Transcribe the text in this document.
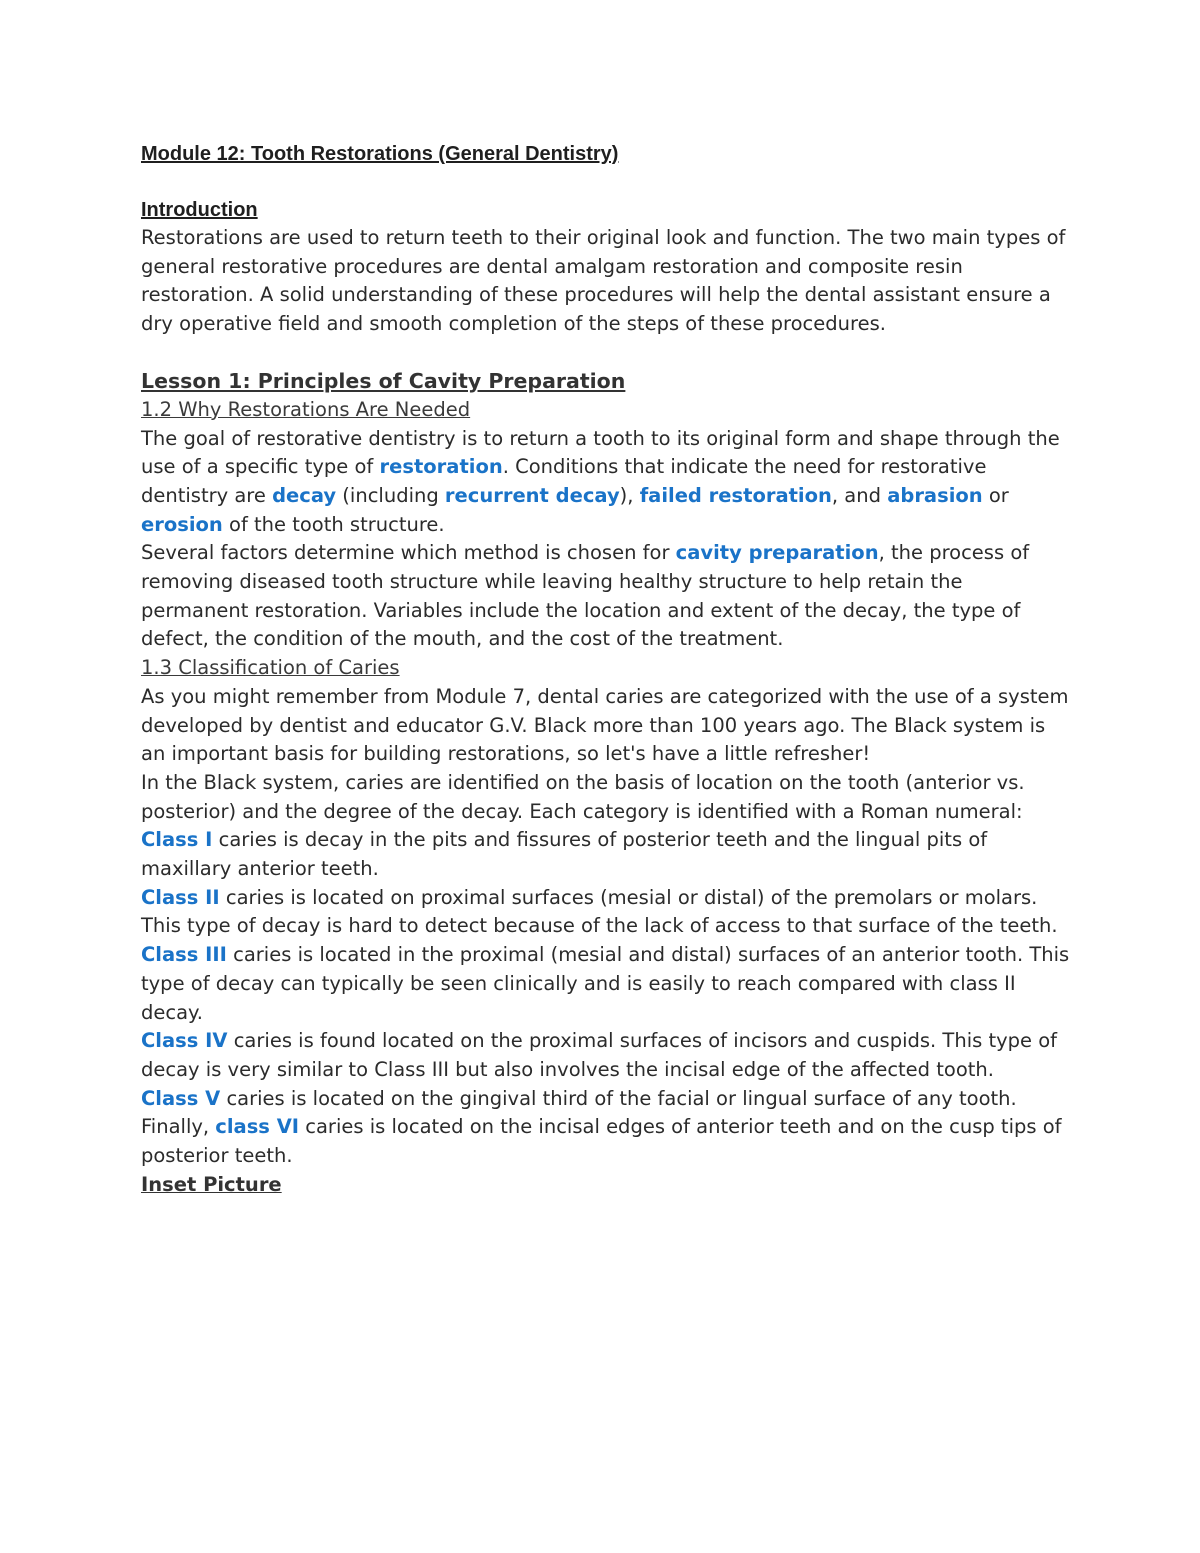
Module 12: Tooth Restorations (General Dentistry)
Introduction

Restorations are used to return teeth to their original look and function. The two main types of general restorative procedures are dental amalgam restoration and composite resin restoration. A solid understanding of these procedures will help the dental assistant ensure a dry operative field and smooth completion of the steps of these procedures.

Lesson 1: Principles of Cavity Preparation
1.2 Why Restorations Are Needed

The goal of restorative dentistry is to return a tooth to its original form and shape through the use of a specific type of restoration. Conditions that indicate the need for restorative dentistry are decay (including recurrent decay), failed restoration, and abrasion or erosion of the tooth structure.

Several factors determine which method is chosen for cavity preparation, the process of removing diseased tooth structure while leaving healthy structure to help retain the permanent restoration. Variables include the location and extent of the decay, the type of defect, the condition of the mouth, and the cost of the treatment.

1.3 Classification of Caries

As you might remember from Module 7, dental caries are categorized with the use of a system developed by dentist and educator G.V. Black more than 100 years ago. The Black system is an important basis for building restorations, so let's have a little refresher!

In the Black system, caries are identified on the basis of location on the tooth (anterior vs. posterior) and the degree of the decay. Each category is identified with a Roman numeral:

Class I caries is decay in the pits and fissures of posterior teeth and the lingual pits of maxillary anterior teeth.

Class II caries is located on proximal surfaces (mesial or distal) of the premolars or molars. This type of decay is hard to detect because of the lack of access to that surface of the teeth.

Class III caries is located in the proximal (mesial and distal) surfaces of an anterior tooth. This type of decay can typically be seen clinically and is easily to reach compared with class II decay.

Class IV caries is found located on the proximal surfaces of incisors and cuspids. This type of decay is very similar to Class III but also involves the incisal edge of the affected tooth.

Class V caries is located on the gingival third of the facial or lingual surface of any tooth.

Finally, class VI caries is located on the incisal edges of anterior teeth and on the cusp tips of posterior teeth.

Inset Picture
